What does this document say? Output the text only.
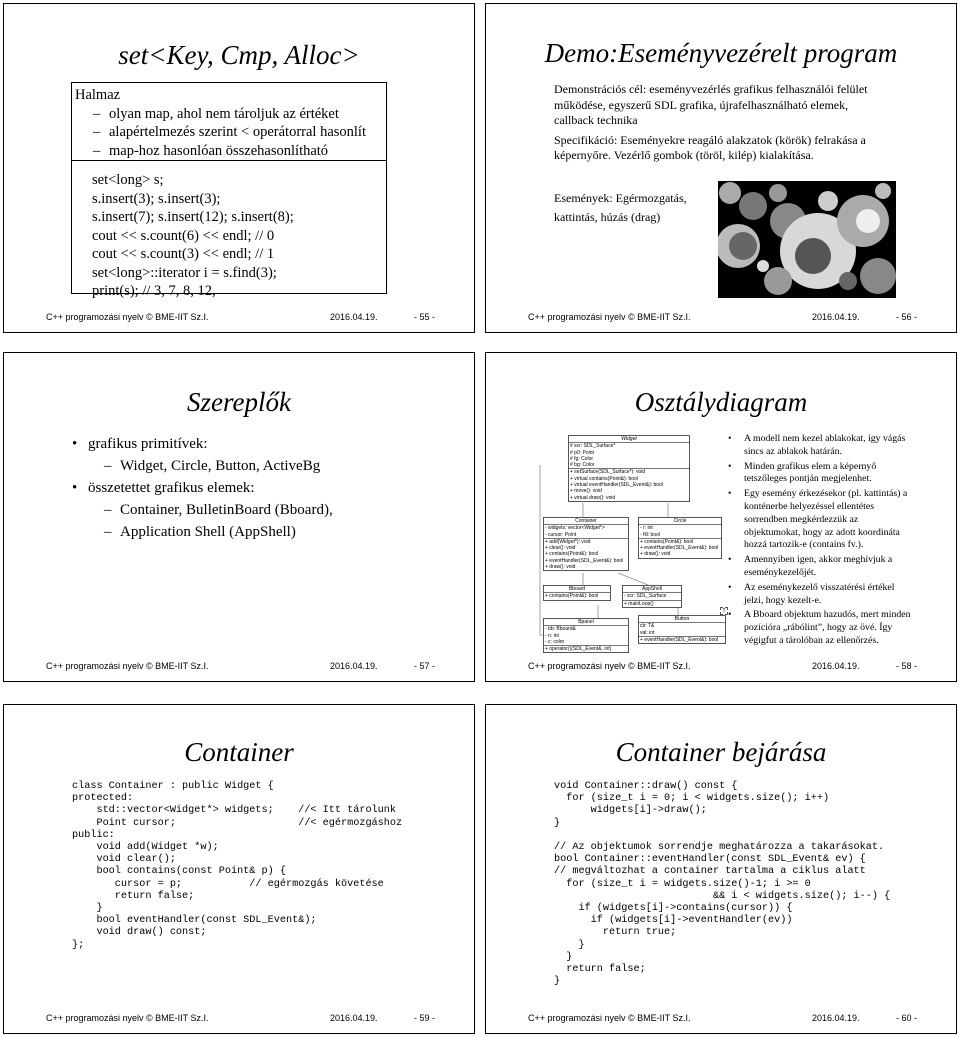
set<Key, Cmp, Alloc>
Halmaz
– olyan map, ahol nem tároljuk az értéket
– alapértelmezés szerint < operátorral hasonlít
– map-hoz hasonlóan összehasonlítható
set<long> s;
s.insert(3); s.insert(3);
s.insert(7); s.insert(12); s.insert(8);
cout << s.count(6) << endl; // 0
cout << s.count(3) << endl; // 1
set<long>::iterator i = s.find(3);
print(s); // 3, 7, 8, 12,
C++ programozási nyelv © BME-IIT Sz.I.	2016.04.19.	- 55 -
Demo:Eseményvezérelt program
Demonstrációs cél: eseményvezérlés grafikus felhasználói felület működése, egyszerű SDL grafika, újrafelhasználható elemek, callback technika
Specifikáció: Eseményekre reagáló alakzatok (körök) felrakása a képernyőre. Vezérlő gombok (töröl, kilép) kialakítása.
Események: Egérmozgatás,
kattintás, húzás (drag)
C++ programozási nyelv © BME-IIT Sz.I.	2016.04.19.	- 56 -
Szereplők
• grafikus primitívek:
– Widget, Circle, Button, ActiveBg
• összetettet grafikus elemek:
– Container, BulletinBoard (Bboard),
– Application Shell (AppShell)
C++ programozási nyelv © BME-IIT Sz.I.	2016.04.19.	- 57 -
Osztálydiagram
Widget
# scr: SDL_Surface*
# p0: Point
# fg: Color
# bg: Color
+ setSurface(SDL_Surface*): void
+ virtual contains(Point&): bool
+ virtual eventHandler(SDL_Event&): bool
+ move(): void
+ virtual draw(): void
Container
- widgets: vector<Widget*>
- cursor: Point
+ add(Widget*): void
+ clear(): void
+ contains(Point&): bool
+ eventHandler(SDL_Event&): bool
+ draw(): void
Circle
- r: int
- fill: bool
+ contains(Point&): bool
+ eventHandler(SDL_Event&): bool
+ draw(): void
Bboard
+ contains(Point&): bool
AppShell
- scr: SDL_Surface
+ mainLoop()
Button
cb: T&
val: int
+ eventHandler(SDL_Event&): bool
T
Bpanel
- bb: Bboard&
- n: int
- c: color
+ operator()(SDL_Event&, int)
• A modell nem kezel ablakokat, így vágás sincs az ablakok határán.
• Minden grafikus elem a képernyő tetszőleges pontján megjelenhet.
• Egy esemény érkezésekor (pl. kattintás) a konténerbe helyezéssel ellentétes sorrendben megkérdezzük az objektumokat, hogy az adott koordináta hozzá tartozik-e (contains fv.).
• Amennyiben igen, akkor meghívjuk a eseménykezelőjét.
• Az eseménykezelő visszatérési értékel jelzi, hogy kezelt-e.
• A Bboard objektum hazudós, mert minden pozícióra „rábólint”, hogy az övé. Így végigfut a tárolóban az ellenőrzés.
C++ programozási nyelv © BME-IIT Sz.I.	2016.04.19.	- 58 -
Container
class Container : public Widget {
protected:
std::vector<Widget*> widgets;    //< Itt tárolunk
Point cursor;                    //< egérmozgáshoz
public:
void add(Widget *w);
void clear();
bool contains(const Point& p) {
cursor = p;           // egérmozgás követése
return false;
}
bool eventHandler(const SDL_Event&);
void draw() const;
};
C++ programozási nyelv © BME-IIT Sz.I.	2016.04.19.	- 59 -
Container bejárása
void Container::draw() const {
for (size_t i = 0; i < widgets.size(); i++)
widgets[i]->draw();
}

// Az objektumok sorrendje meghatározza a takarásokat.
bool Container::eventHandler(const SDL_Event& ev) {
// megváltozhat a container tartalma a ciklus alatt
for (size_t i = widgets.size()-1; i >= 0
&& i < widgets.size(); i--) {
if (widgets[i]->contains(cursor)) {
if (widgets[i]->eventHandler(ev))
return true;
}
}
return false;
}
C++ programozási nyelv © BME-IIT Sz.I.	2016.04.19.	- 60 -
